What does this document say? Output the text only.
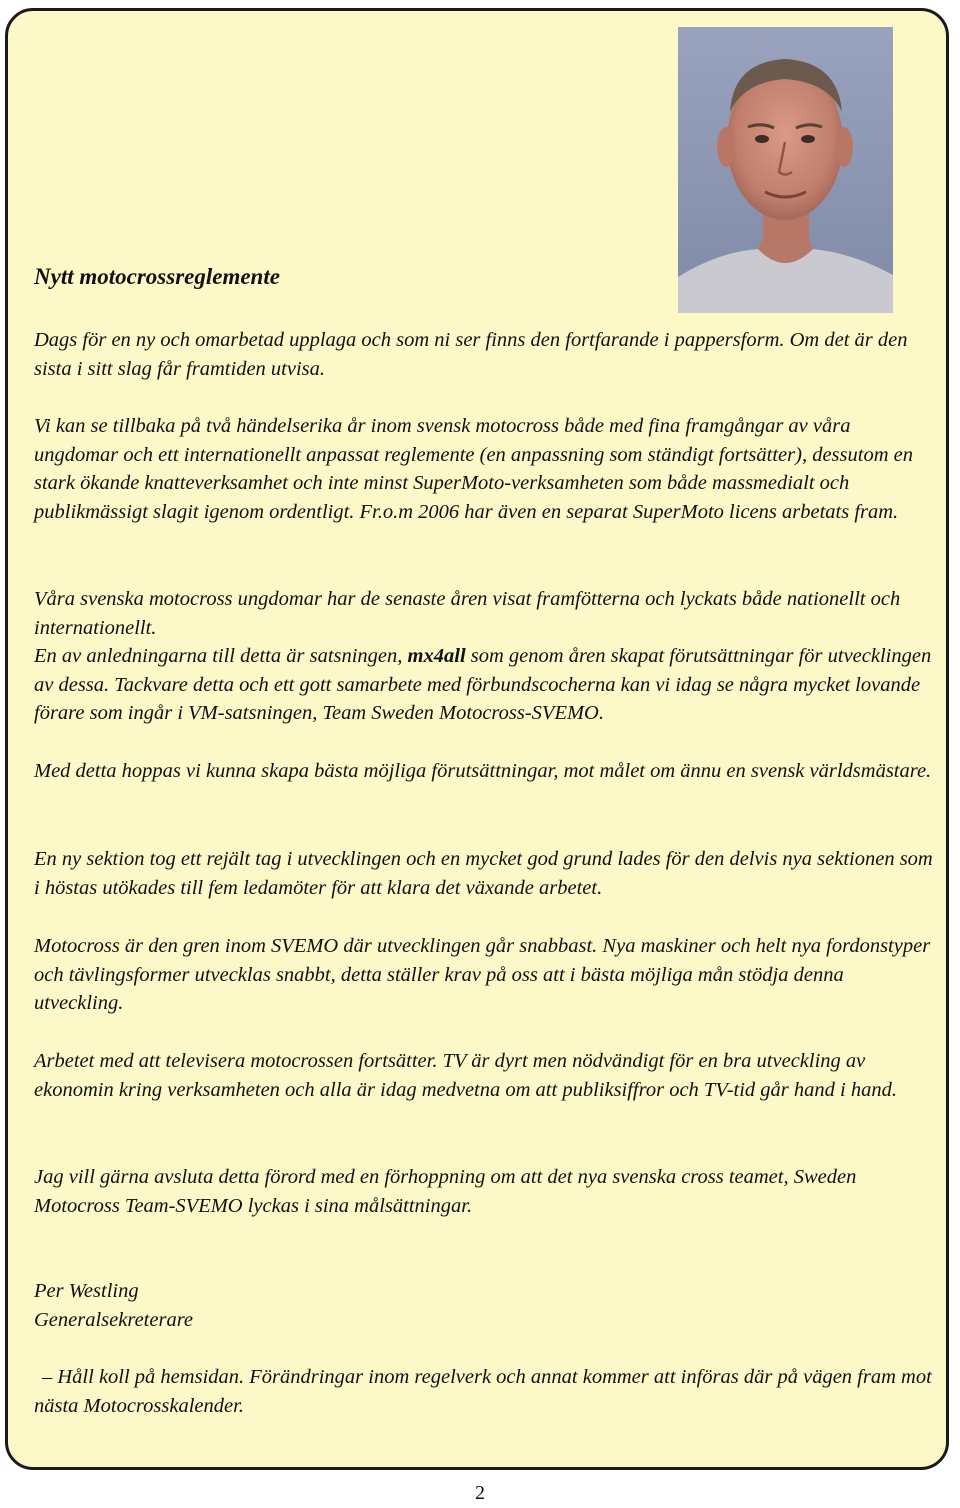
Nytt motocrossreglemente

Dags för en ny och omarbetad upplaga och som ni ser finns den fortfarande i pappersform. Om det är den sista i sitt slag får framtiden utvisa.

Vi kan se tillbaka på två händelserika år inom svensk motocross både med fina framgångar av våra ungdomar och ett internationellt anpassat reglemente (en anpassning som ständigt fortsätter), dessutom en stark ökande knatteverksamhet och inte minst SuperMoto-verksamheten som både massmedialt och publikmässigt slagit igenom ordentligt. Fr.o.m 2006 har även en separat SuperMoto licens arbetats fram.

Våra svenska motocross ungdomar har de senaste åren visat framfötterna och lyckats både nationellt och internationellt.

En av anledningarna till detta är satsningen, mx4all som genom åren skapat förutsättningar för utvecklingen av dessa. Tackvare detta och ett gott samarbete med förbundscocherna kan vi idag se några mycket lovande förare som ingår i VM-satsningen, Team Sweden Motocross-SVEMO.

Med detta hoppas vi kunna skapa bästa möjliga förutsättningar, mot målet om ännu en svensk världsmästare.

En ny sektion tog ett rejält tag i utvecklingen och en mycket god grund lades för den delvis nya sektionen som i höstas utökades till fem ledamöter för att klara det växande arbetet.

Motocross är den gren inom SVEMO där utvecklingen går snabbast. Nya maskiner och helt nya fordonstyper och tävlingsformer utvecklas snabbt, detta ställer krav på oss att i bästa möjliga mån stödja denna utveckling.

Arbetet med att televisera motocrossen fortsätter. TV är dyrt men nödvändigt för en bra utveckling av ekonomin kring verksamheten och alla är idag medvetna om att publiksiffror och TV-tid går hand i hand.

Jag vill gärna avsluta detta förord med en förhoppning om att det nya svenska cross teamet, Sweden Motocross Team-SVEMO lyckas i sina målsättningar.

Per Westling

Generalsekreterare

– Håll koll på hemsidan. Förändringar inom regelverk och annat kommer att införas där på vägen fram mot nästa Motocrosskalender.

2
